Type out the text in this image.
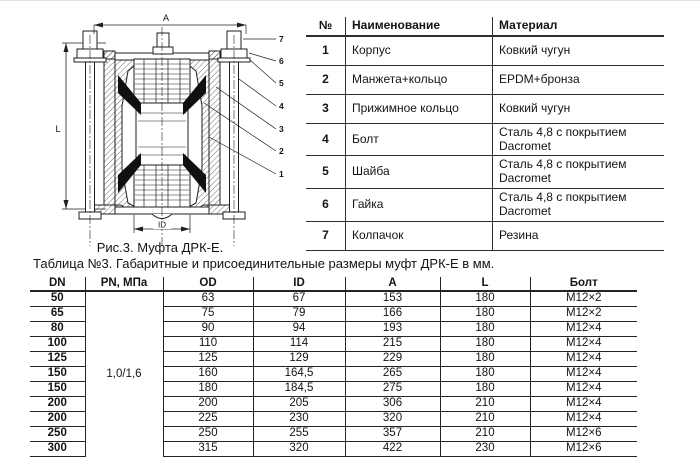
A
L
ID
7
6
5
4
3
2
1
№	Наименование	Материал
1	Корпус	Ковкий чугун
2	Манжета+кольцо	EPDM+бронза
3	Прижимное кольцо	Ковкий чугун
4	Болт	Сталь 4,8 с покрытием Dacromet
5	Шайба	Сталь 4,8 с покрытием Dacromet
6	Гайка	Сталь 4,8 с покрытием Dacromet
7	Колпачок	Резина
Рис.3. Муфта ДРК-Е.
Таблица №3. Габаритные и присоединительные размеры муфт ДРК-Е в мм.
DN	PN, МПа	OD	ID	A	L	Болт
50	1,0/1,6	63	67	153	180	M12×2
65		75	79	166	180	M12×2
80		90	94	193	180	M12×4
100		110	114	215	180	M12×4
125		125	129	229	180	M12×4
150		160	164,5	265	180	M12×4
150		180	184,5	275	180	M12×4
200		200	205	306	210	M12×4
200		225	230	320	210	M12×4
250		250	255	357	210	M12×6
300		315	320	422	230	M12×6
